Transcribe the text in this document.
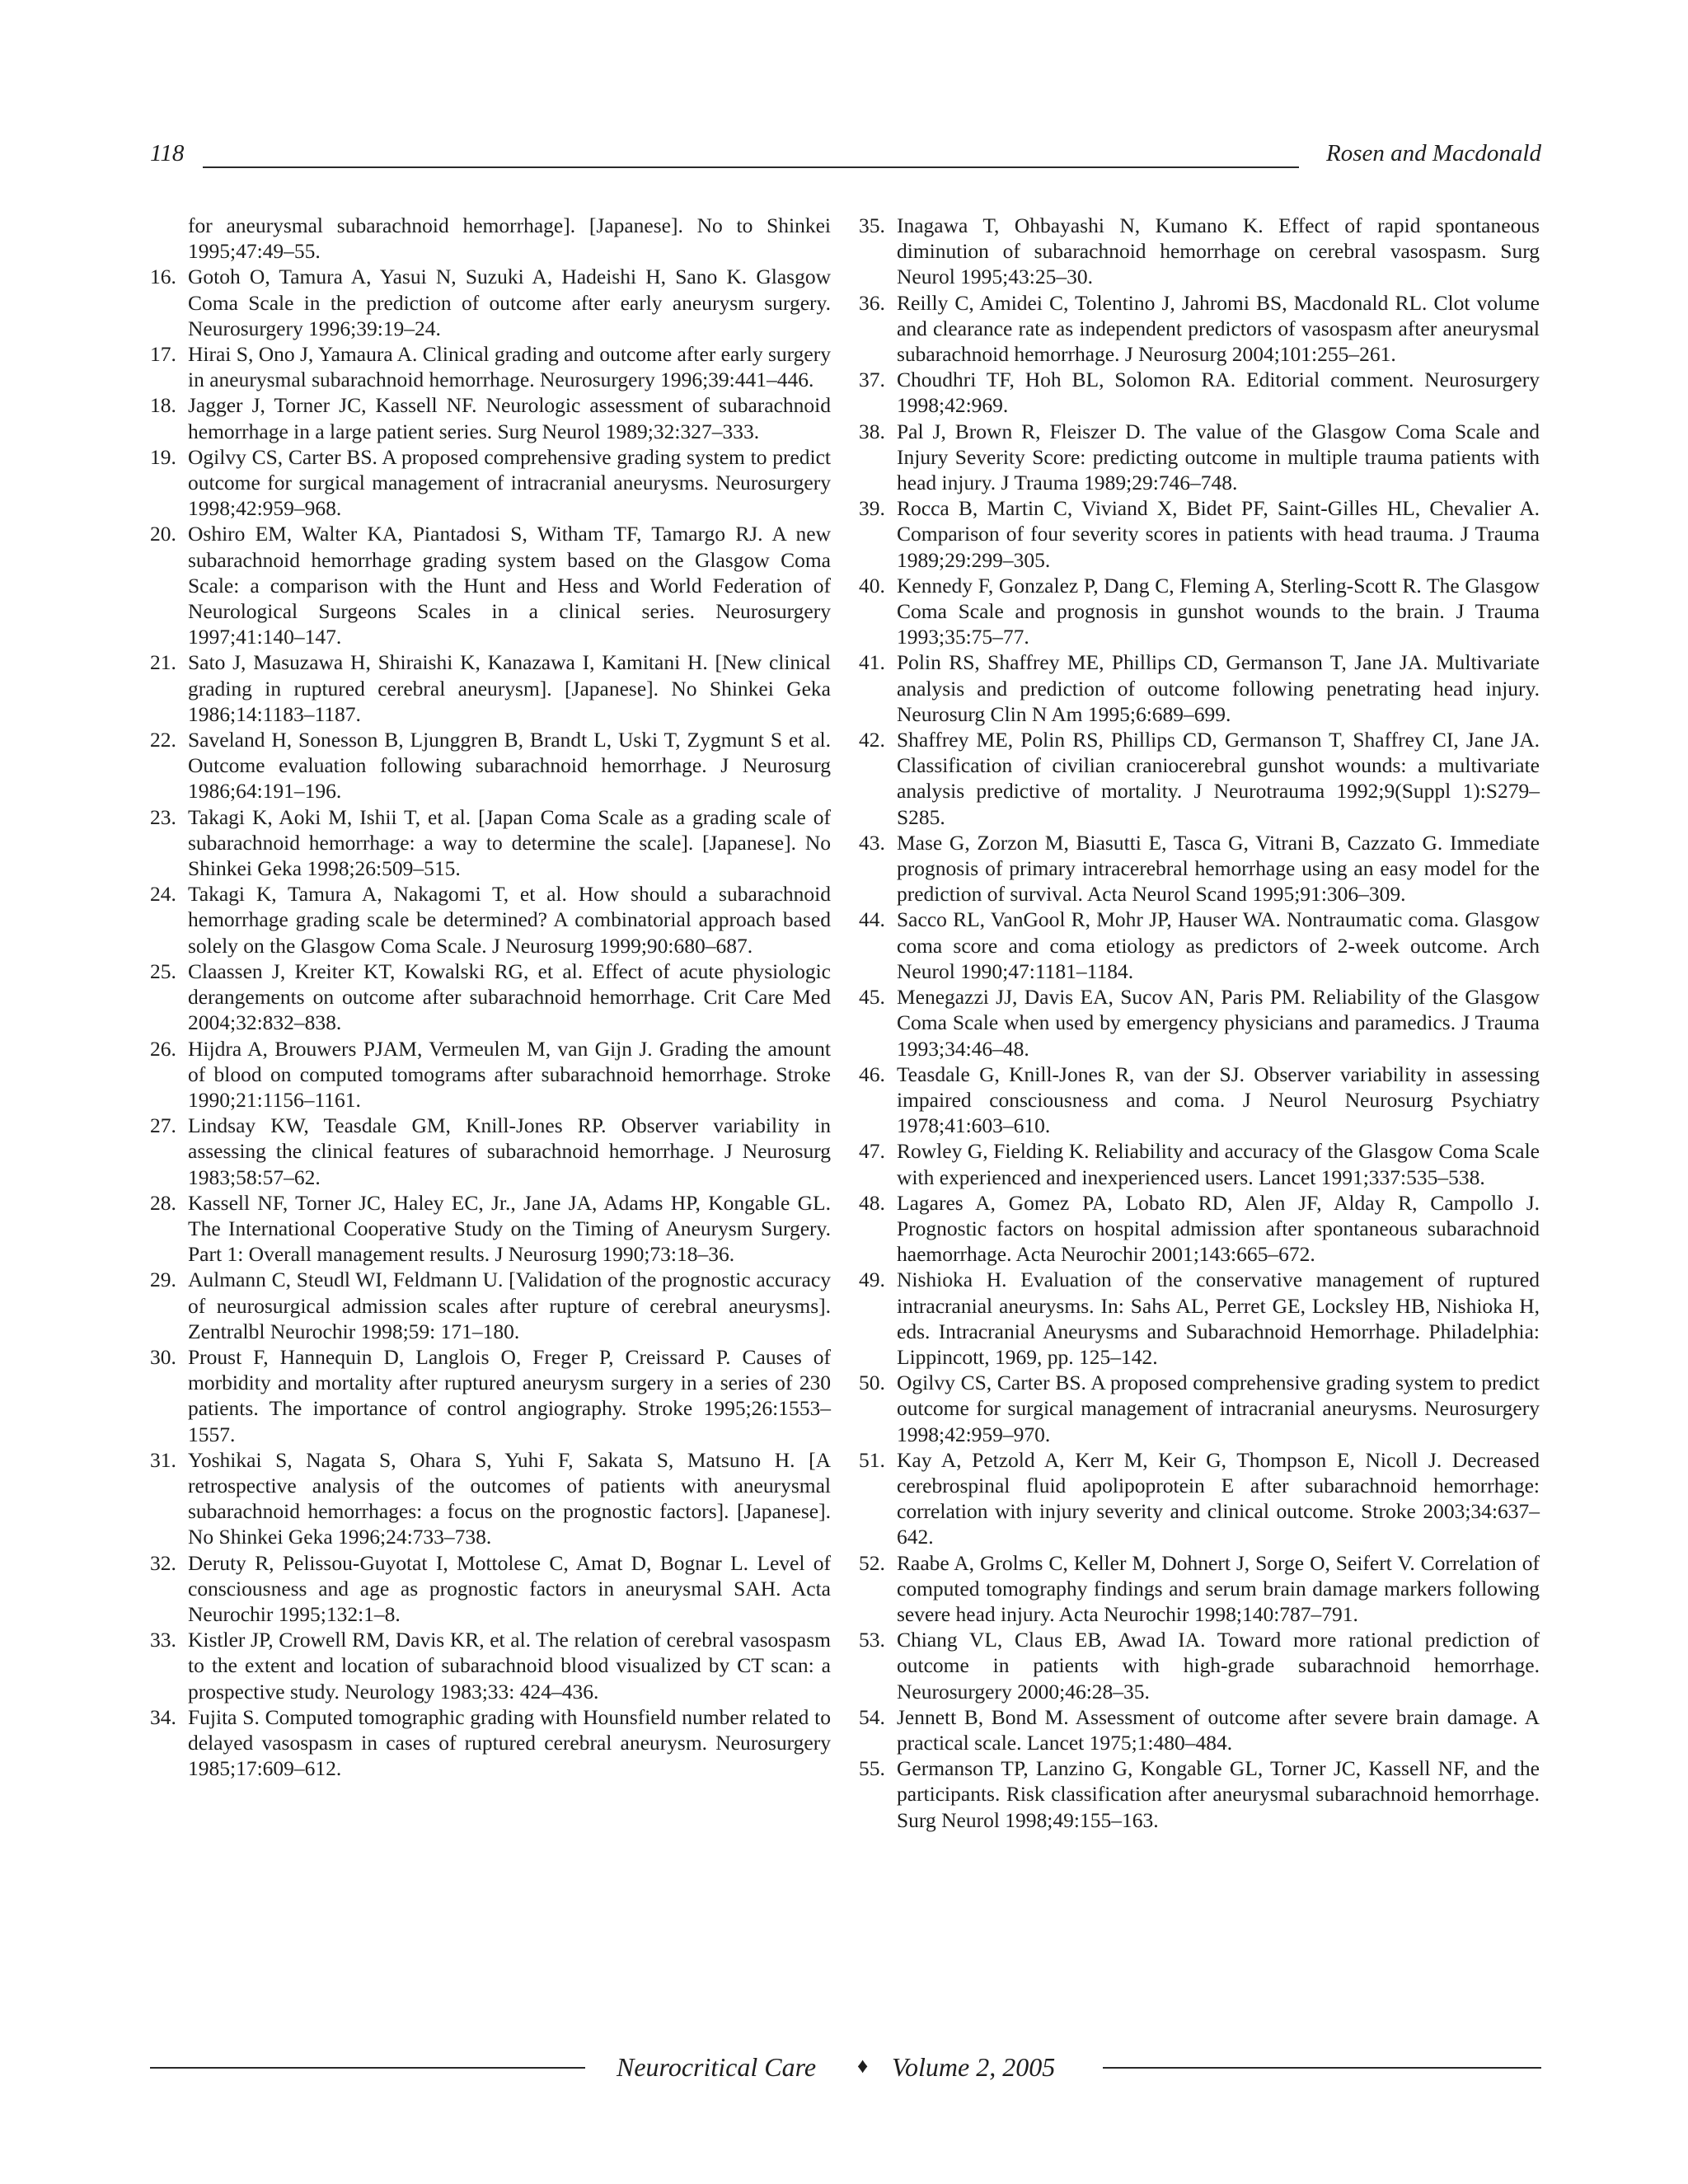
118	Rosen and Macdonald
for aneurysmal subarachnoid hemorrhage]. [Japanese]. No to Shinkei 1995;47:49–55.
16. Gotoh O, Tamura A, Yasui N, Suzuki A, Hadeishi H, Sano K. Glasgow Coma Scale in the prediction of outcome after early aneurysm surgery. Neurosurgery 1996;39:19–24.
17. Hirai S, Ono J, Yamaura A. Clinical grading and outcome after early surgery in aneurysmal subarachnoid hemorrhage. Neurosurgery 1996;39:441–446.
18. Jagger J, Torner JC, Kassell NF. Neurologic assessment of subarachnoid hemorrhage in a large patient series. Surg Neurol 1989;32:327–333.
19. Ogilvy CS, Carter BS. A proposed comprehensive grading system to predict outcome for surgical management of intracranial aneurysms. Neurosurgery 1998;42:959–968.
20. Oshiro EM, Walter KA, Piantadosi S, Witham TF, Tamargo RJ. A new subarachnoid hemorrhage grading system based on the Glasgow Coma Scale: a comparison with the Hunt and Hess and World Federation of Neurological Surgeons Scales in a clinical series. Neurosurgery 1997;41:140–147.
21. Sato J, Masuzawa H, Shiraishi K, Kanazawa I, Kamitani H. [New clinical grading in ruptured cerebral aneurysm]. [Japanese]. No Shinkei Geka 1986;14:1183–1187.
22. Saveland H, Sonesson B, Ljunggren B, Brandt L, Uski T, Zygmunt S et al. Outcome evaluation following subarachnoid hemorrhage. J Neurosurg 1986;64:191–196.
23. Takagi K, Aoki M, Ishii T, et al. [Japan Coma Scale as a grading scale of subarachnoid hemorrhage: a way to determine the scale]. [Japanese]. No Shinkei Geka 1998;26:509–515.
24. Takagi K, Tamura A, Nakagomi T, et al. How should a subarachnoid hemorrhage grading scale be determined? A combinatorial approach based solely on the Glasgow Coma Scale. J Neurosurg 1999;90:680–687.
25. Claassen J, Kreiter KT, Kowalski RG, et al. Effect of acute physiologic derangements on outcome after subarachnoid hemorrhage. Crit Care Med 2004;32:832–838.
26. Hijdra A, Brouwers PJAM, Vermeulen M, van Gijn J. Grading the amount of blood on computed tomograms after subarachnoid hemorrhage. Stroke 1990;21:1156–1161.
27. Lindsay KW, Teasdale GM, Knill-Jones RP. Observer variability in assessing the clinical features of subarachnoid hemorrhage. J Neurosurg 1983;58:57–62.
28. Kassell NF, Torner JC, Haley EC, Jr., Jane JA, Adams HP, Kongable GL. The International Cooperative Study on the Timing of Aneurysm Surgery. Part 1: Overall management results. J Neurosurg 1990;73:18–36.
29. Aulmann C, Steudl WI, Feldmann U. [Validation of the prognostic accuracy of neurosurgical admission scales after rupture of cerebral aneurysms]. Zentralbl Neurochir 1998;59: 171–180.
30. Proust F, Hannequin D, Langlois O, Freger P, Creissard P. Causes of morbidity and mortality after ruptured aneurysm surgery in a series of 230 patients. The importance of control angiography. Stroke 1995;26:1553–1557.
31. Yoshikai S, Nagata S, Ohara S, Yuhi F, Sakata S, Matsuno H. [A retrospective analysis of the outcomes of patients with aneurysmal subarachnoid hemorrhages: a focus on the prognostic factors]. [Japanese]. No Shinkei Geka 1996;24:733–738.
32. Deruty R, Pelissou-Guyotat I, Mottolese C, Amat D, Bognar L. Level of consciousness and age as prognostic factors in aneurysmal SAH. Acta Neurochir 1995;132:1–8.
33. Kistler JP, Crowell RM, Davis KR, et al. The relation of cerebral vasospasm to the extent and location of subarachnoid blood visualized by CT scan: a prospective study. Neurology 1983;33: 424–436.
34. Fujita S. Computed tomographic grading with Hounsfield number related to delayed vasospasm in cases of ruptured cerebral aneurysm. Neurosurgery 1985;17:609–612.
35. Inagawa T, Ohbayashi N, Kumano K. Effect of rapid spontaneous diminution of subarachnoid hemorrhage on cerebral vasospasm. Surg Neurol 1995;43:25–30.
36. Reilly C, Amidei C, Tolentino J, Jahromi BS, Macdonald RL. Clot volume and clearance rate as independent predictors of vasospasm after aneurysmal subarachnoid hemorrhage. J Neurosurg 2004;101:255–261.
37. Choudhri TF, Hoh BL, Solomon RA. Editorial comment. Neurosurgery 1998;42:969.
38. Pal J, Brown R, Fleiszer D. The value of the Glasgow Coma Scale and Injury Severity Score: predicting outcome in multiple trauma patients with head injury. J Trauma 1989;29:746–748.
39. Rocca B, Martin C, Viviand X, Bidet PF, Saint-Gilles HL, Chevalier A. Comparison of four severity scores in patients with head trauma. J Trauma 1989;29:299–305.
40. Kennedy F, Gonzalez P, Dang C, Fleming A, Sterling-Scott R. The Glasgow Coma Scale and prognosis in gunshot wounds to the brain. J Trauma 1993;35:75–77.
41. Polin RS, Shaffrey ME, Phillips CD, Germanson T, Jane JA. Multivariate analysis and prediction of outcome following penetrating head injury. Neurosurg Clin N Am 1995;6:689–699.
42. Shaffrey ME, Polin RS, Phillips CD, Germanson T, Shaffrey CI, Jane JA. Classification of civilian craniocerebral gunshot wounds: a multivariate analysis predictive of mortality. J Neurotrauma 1992;9(Suppl 1):S279–S285.
43. Mase G, Zorzon M, Biasutti E, Tasca G, Vitrani B, Cazzato G. Immediate prognosis of primary intracerebral hemorrhage using an easy model for the prediction of survival. Acta Neurol Scand 1995;91:306–309.
44. Sacco RL, VanGool R, Mohr JP, Hauser WA. Nontraumatic coma. Glasgow coma score and coma etiology as predictors of 2-week outcome. Arch Neurol 1990;47:1181–1184.
45. Menegazzi JJ, Davis EA, Sucov AN, Paris PM. Reliability of the Glasgow Coma Scale when used by emergency physicians and paramedics. J Trauma 1993;34:46–48.
46. Teasdale G, Knill-Jones R, van der SJ. Observer variability in assessing impaired consciousness and coma. J Neurol Neurosurg Psychiatry 1978;41:603–610.
47. Rowley G, Fielding K. Reliability and accuracy of the Glasgow Coma Scale with experienced and inexperienced users. Lancet 1991;337:535–538.
48. Lagares A, Gomez PA, Lobato RD, Alen JF, Alday R, Campollo J. Prognostic factors on hospital admission after spontaneous subarachnoid haemorrhage. Acta Neurochir 2001;143:665–672.
49. Nishioka H. Evaluation of the conservative management of ruptured intracranial aneurysms. In: Sahs AL, Perret GE, Locksley HB, Nishioka H, eds. Intracranial Aneurysms and Subarachnoid Hemorrhage. Philadelphia: Lippincott, 1969, pp. 125–142.
50. Ogilvy CS, Carter BS. A proposed comprehensive grading system to predict outcome for surgical management of intracranial aneurysms. Neurosurgery 1998;42:959–970.
51. Kay A, Petzold A, Kerr M, Keir G, Thompson E, Nicoll J. Decreased cerebrospinal fluid apolipoprotein E after subarachnoid hemorrhage: correlation with injury severity and clinical outcome. Stroke 2003;34:637–642.
52. Raabe A, Grolms C, Keller M, Dohnert J, Sorge O, Seifert V. Correlation of computed tomography findings and serum brain damage markers following severe head injury. Acta Neurochir 1998;140:787–791.
53. Chiang VL, Claus EB, Awad IA. Toward more rational prediction of outcome in patients with high-grade subarachnoid hemorrhage. Neurosurgery 2000;46:28–35.
54. Jennett B, Bond M. Assessment of outcome after severe brain damage. A practical scale. Lancet 1975;1:480–484.
55. Germanson TP, Lanzino G, Kongable GL, Torner JC, Kassell NF, and the participants. Risk classification after aneurysmal subarachnoid hemorrhage. Surg Neurol 1998;49:155–163.
Neurocritical Care ♦ Volume 2, 2005
